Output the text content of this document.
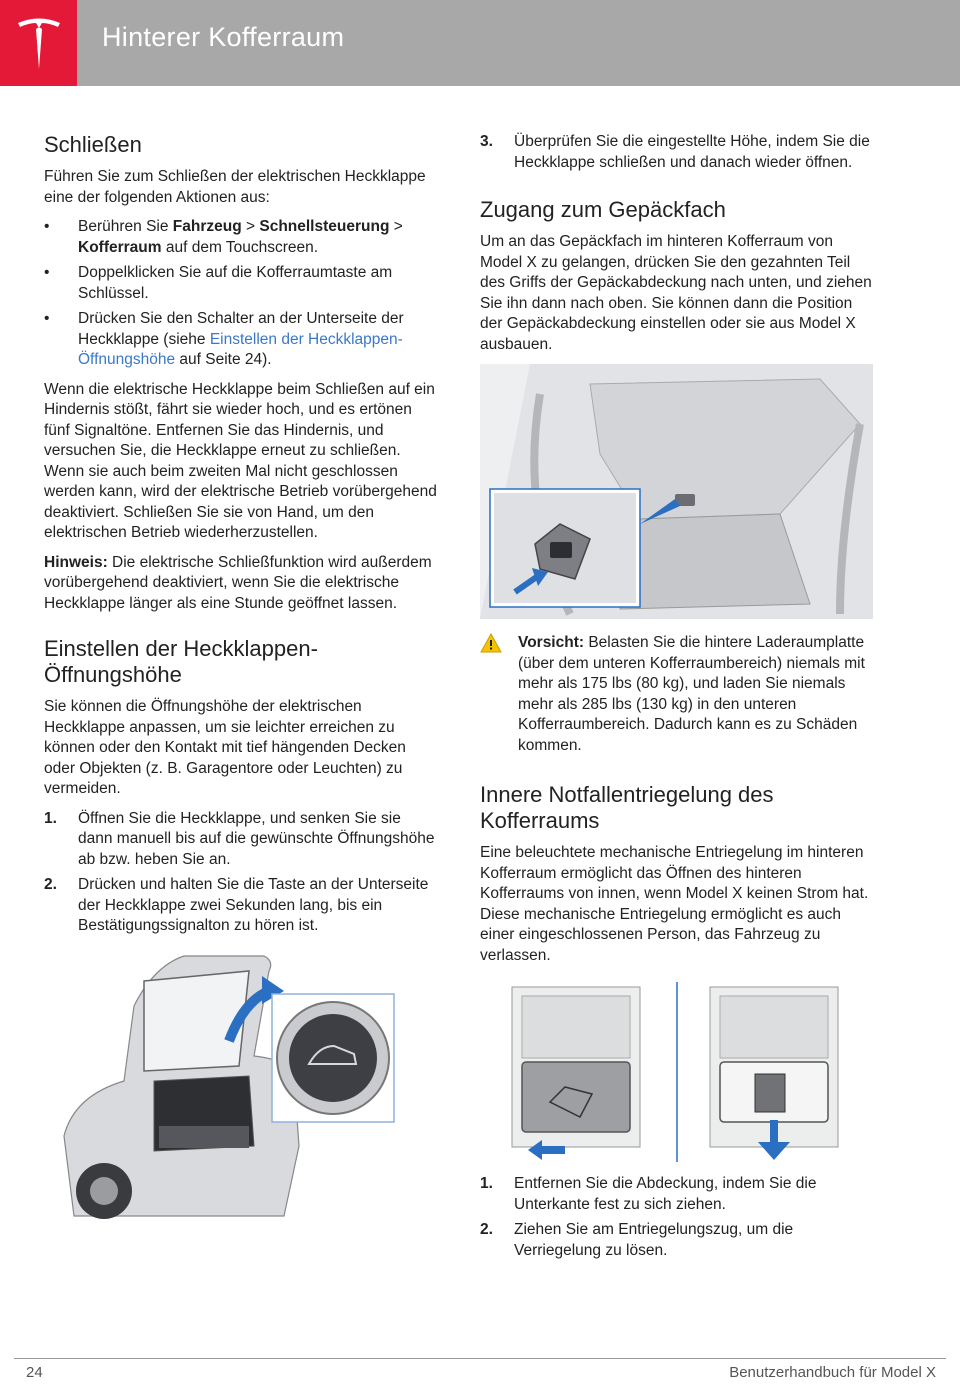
Hinterer Kofferraum
Schließen

Führen Sie zum Schließen der elektrischen Heckklappe eine der folgenden Aktionen aus:

• Berühren Sie Fahrzeug > Schnellsteuerung > Kofferraum auf dem Touchscreen.
• Doppelklicken Sie auf die Kofferraumtaste am Schlüssel.
• Drücken Sie den Schalter an der Unterseite der Heckklappe (siehe Einstellen der Heckklappen-Öffnungshöhe auf Seite 24).

Wenn die elektrische Heckklappe beim Schließen auf ein Hindernis stößt, fährt sie wieder hoch, und es ertönen fünf Signaltöne. Entfernen Sie das Hindernis, und versuchen Sie, die Heckklappe erneut zu schließen. Wenn sie auch beim zweiten Mal nicht geschlossen werden kann, wird der elektrische Betrieb vorübergehend deaktiviert. Schließen Sie sie von Hand, um den elektrischen Betrieb wiederherzustellen.

Hinweis: Die elektrische Schließfunktion wird außerdem vorübergehend deaktiviert, wenn Sie die elektrische Heckklappe länger als eine Stunde geöffnet lassen.

Einstellen der Heckklappen-Öffnungshöhe

Sie können die Öffnungshöhe der elektrischen Heckklappe anpassen, um sie leichter erreichen zu können oder den Kontakt mit tief hängenden Decken oder Objekten (z. B. Garagentore oder Leuchten) zu vermeiden.

1. Öffnen Sie die Heckklappe, und senken Sie sie dann manuell bis auf die gewünschte Öffnungshöhe ab bzw. heben Sie an.
2. Drücken und halten Sie die Taste an der Unterseite der Heckklappe zwei Sekunden lang, bis ein Bestätigungssignalton zu hören ist.
3. Überprüfen Sie die eingestellte Höhe, indem Sie die Heckklappe schließen und danach wieder öffnen.
Zugang zum Gepäckfach

Um an das Gepäckfach im hinteren Kofferraum von Model X zu gelangen, drücken Sie den gezahnten Teil des Griffs der Gepäckabdeckung nach unten, und ziehen Sie ihn dann nach oben. Sie können dann die Position der Gepäckabdeckung einstellen oder sie aus Model X ausbauen.

Vorsicht: Belasten Sie die hintere Laderaumplatte (über dem unteren Kofferraumbereich) niemals mit mehr als 175 lbs (80 kg), und laden Sie niemals mehr als 285 lbs (130 kg) in den unteren Kofferraumbereich. Dadurch kann es zu Schäden kommen.
Innere Notfallentriegelung des Kofferraums

Eine beleuchtete mechanische Entriegelung im hinteren Kofferraum ermöglicht das Öffnen des hinteren Kofferraums von innen, wenn Model X keinen Strom hat. Diese mechanische Entriegelung ermöglicht es auch einer eingeschlossenen Person, das Fahrzeug zu verlassen.

1. Entfernen Sie die Abdeckung, indem Sie die Unterkante fest zu sich ziehen.
2. Ziehen Sie am Entriegelungszug, um die Verriegelung zu lösen.
24	Benutzerhandbuch für Model X
